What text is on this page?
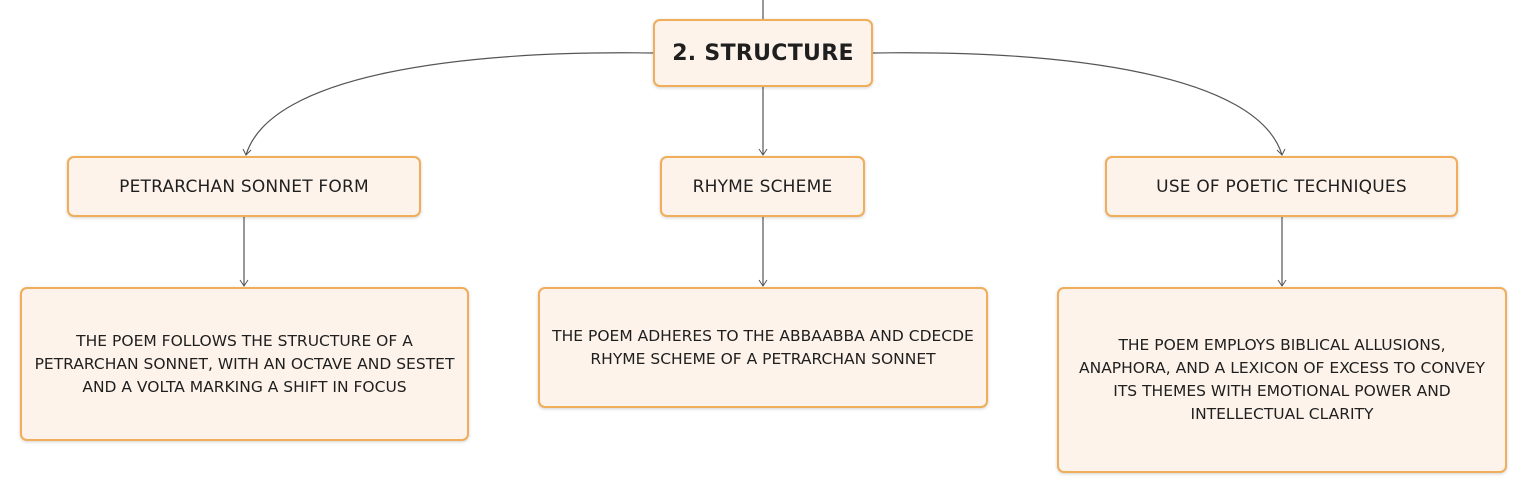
2. STRUCTURE
PETRARCHAN SONNET FORM	RHYME SCHEME	USE OF POETIC TECHNIQUES
THE POEM FOLLOWS THE STRUCTURE OF A PETRARCHAN SONNET, WITH AN OCTAVE AND SESTET AND A VOLTA MARKING A SHIFT IN FOCUS
THE POEM ADHERES TO THE ABBAABBA AND CDECDE RHYME SCHEME OF A PETRARCHAN SONNET
THE POEM EMPLOYS BIBLICAL ALLUSIONS, ANAPHORA, AND A LEXICON OF EXCESS TO CONVEY ITS THEMES WITH EMOTIONAL POWER AND INTELLECTUAL CLARITY
